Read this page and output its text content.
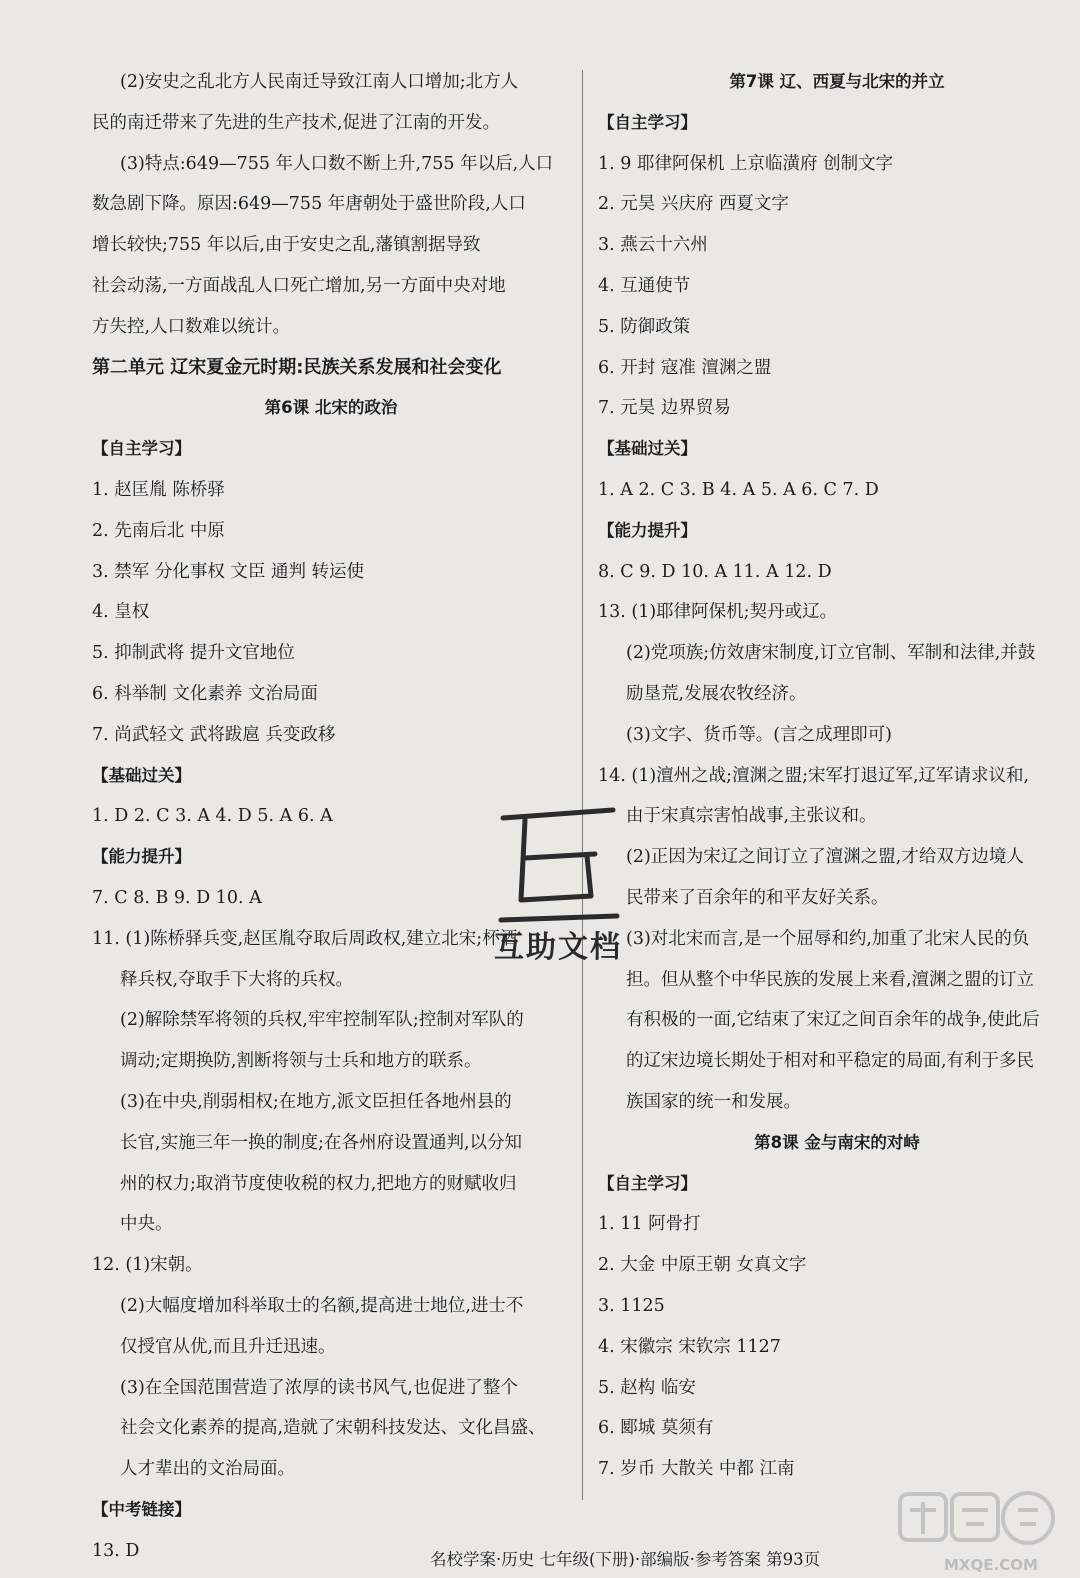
(2)安史之乱北方人民南迁导致江南人口增加;北方人
民的南迁带来了先进的生产技术,促进了江南的开发。
(3)特点:649—755 年人口数不断上升,755 年以后,人口
数急剧下降。原因:649—755 年唐朝处于盛世阶段,人口
增长较快;755 年以后,由于安史之乱,藩镇割据导致
社会动荡,一方面战乱人口死亡增加,另一方面中央对地
方失控,人口数难以统计。
第二单元 辽宋夏金元时期:民族关系发展和社会变化
第6课 北宋的政治
【自主学习】
1. 赵匡胤 陈桥驿
2. 先南后北 中原
3. 禁军 分化事权 文臣 通判 转运使
4. 皇权
5. 抑制武将 提升文官地位
6. 科举制 文化素养 文治局面
7. 尚武轻文 武将跋扈 兵变政移
【基础过关】
1. D 2. C 3. A 4. D 5. A 6. A
【能力提升】
7. C 8. B 9. D 10. A
11. (1)陈桥驿兵变,赵匡胤夺取后周政权,建立北宋;杯酒
释兵权,夺取手下大将的兵权。
(2)解除禁军将领的兵权,牢牢控制军队;控制对军队的
调动;定期换防,割断将领与士兵和地方的联系。
(3)在中央,削弱相权;在地方,派文臣担任各地州县的
长官,实施三年一换的制度;在各州府设置通判,以分知
州的权力;取消节度使收税的权力,把地方的财赋收归
中央。
12. (1)宋朝。
(2)大幅度增加科举取士的名额,提高进士地位,进士不
仅授官从优,而且升迁迅速。
(3)在全国范围营造了浓厚的读书风气,也促进了整个
社会文化素养的提高,造就了宋朝科技发达、文化昌盛、
人才辈出的文治局面。
【中考链接】
13. D
第7课 辽、西夏与北宋的并立
【自主学习】
1. 9 耶律阿保机 上京临潢府 创制文字
2. 元昊 兴庆府 西夏文字
3. 燕云十六州
4. 互通使节
5. 防御政策
6. 开封 寇准 澶渊之盟
7. 元昊 边界贸易
【基础过关】
1. A 2. C 3. B 4. A 5. A 6. C 7. D
【能力提升】
8. C 9. D 10. A 11. A 12. D
13. (1)耶律阿保机;契丹或辽。
(2)党项族;仿效唐宋制度,订立官制、军制和法律,并鼓
励垦荒,发展农牧经济。
(3)文字、货币等。(言之成理即可)
14. (1)澶州之战;澶渊之盟;宋军打退辽军,辽军请求议和,
由于宋真宗害怕战事,主张议和。
(2)正因为宋辽之间订立了澶渊之盟,才给双方边境人
民带来了百余年的和平友好关系。
(3)对北宋而言,是一个屈辱和约,加重了北宋人民的负
担。但从整个中华民族的发展上来看,澶渊之盟的订立
有积极的一面,它结束了宋辽之间百余年的战争,使此后
的辽宋边境长期处于相对和平稳定的局面,有利于多民
族国家的统一和发展。
第8课 金与南宋的对峙
【自主学习】
1. 11 阿骨打
2. 大金 中原王朝 女真文字
3. 1125
4. 宋徽宗 宋钦宗 1127
5. 赵构 临安
6. 郾城 莫须有
7. 岁币 大散关 中都 江南
互助文档
MXQE.COM
名校学案·历史 七年级(下册)·部编版·参考答案 第93页
